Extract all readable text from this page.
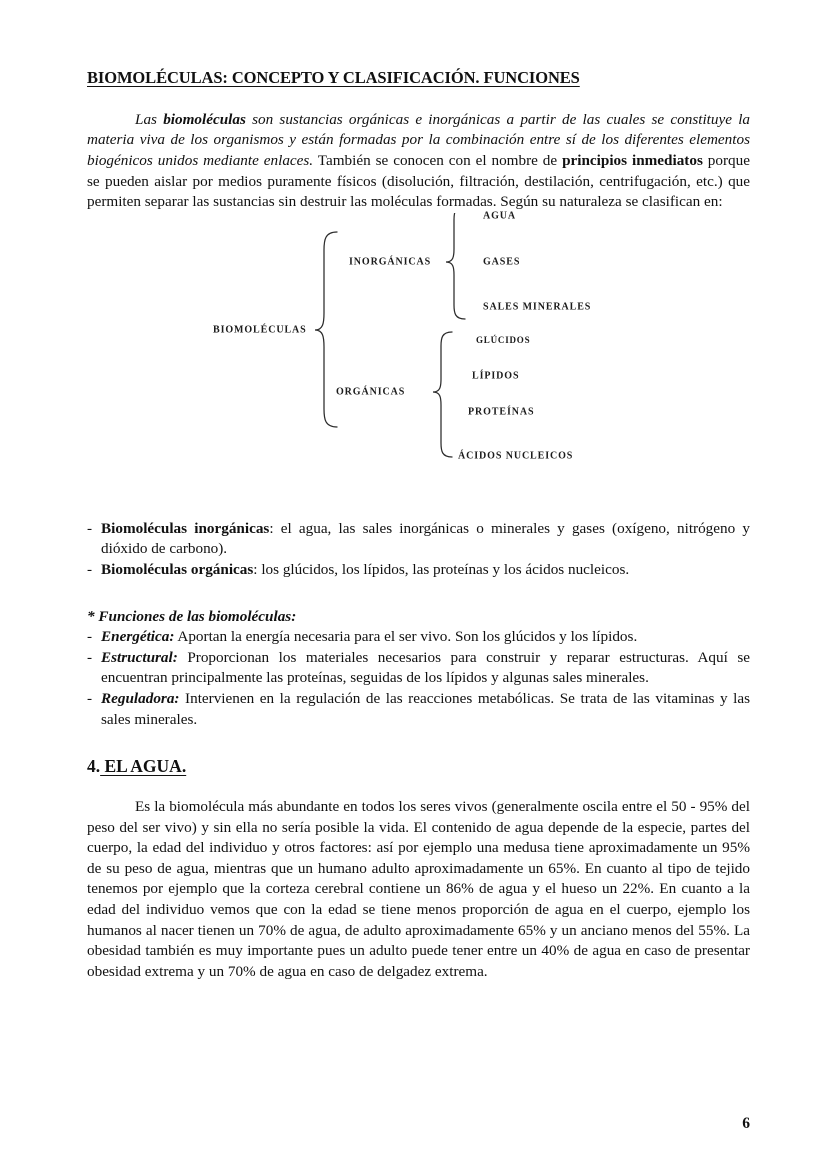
BIOMOLÉCULAS: CONCEPTO Y CLASIFICACIÓN. FUNCIONES

Las biomoléculas son sustancias orgánicas e inorgánicas a partir de las cuales se constituye la materia viva de los organismos y están formadas por la combinación entre sí de los diferentes elementos biogénicos unidos mediante enlaces. También se conocen con el nombre de principios inmediatos porque se pueden aislar por medios puramente físicos (disolución, filtración, destilación, centrifugación, etc.) que permiten separar las sustancias sin destruir las moléculas formadas. Según su naturaleza se clasifican en:

BIOMOLÉCULAS
INORGÁNICAS
AGUA
GASES
SALES MINERALES
ORGÁNICAS
GLÚCIDOS
LÍPIDOS
PROTEÍNAS
ÁCIDOS NUCLEICOS
- Biomoléculas inorgánicas: el agua, las sales inorgánicas o minerales y gases (oxígeno, nitrógeno y dióxido de carbono).
- Biomoléculas orgánicas: los glúcidos, los lípidos, las proteínas y los ácidos nucleicos.

* Funciones de las biomoléculas:

- Energética: Aportan la energía necesaria para el ser vivo. Son los glúcidos y los lípidos.
- Estructural: Proporcionan los materiales necesarios para construir y reparar estructuras. Aquí se encuentran principalmente las proteínas, seguidas de los lípidos y algunas sales minerales.
- Reguladora: Intervienen en la regulación de las reacciones metabólicas. Se trata de las vitaminas y las sales minerales.
4. EL AGUA.

Es la biomolécula más abundante en todos los seres vivos (generalmente oscila entre el 50 - 95% del peso del ser vivo) y sin ella no sería posible la vida. El contenido de agua depende de la especie, partes del cuerpo, la edad del individuo y otros factores: así por ejemplo una medusa tiene aproximadamente un 95% de su peso de agua, mientras que un humano adulto aproximadamente un 65%. En cuanto al tipo de tejido tenemos por ejemplo que la corteza cerebral contiene un 86% de agua y el hueso un 22%. En cuanto a la edad del individuo vemos que con la edad se tiene menos proporción de agua en el cuerpo, ejemplo los humanos al nacer tienen un 70% de agua, de adulto aproximadamente 65% y un anciano menos del 55%. La obesidad también es muy importante pues un adulto puede tener entre un 40% de agua en caso de presentar obesidad extrema y un 70% de agua en caso de delgadez extrema.

6
